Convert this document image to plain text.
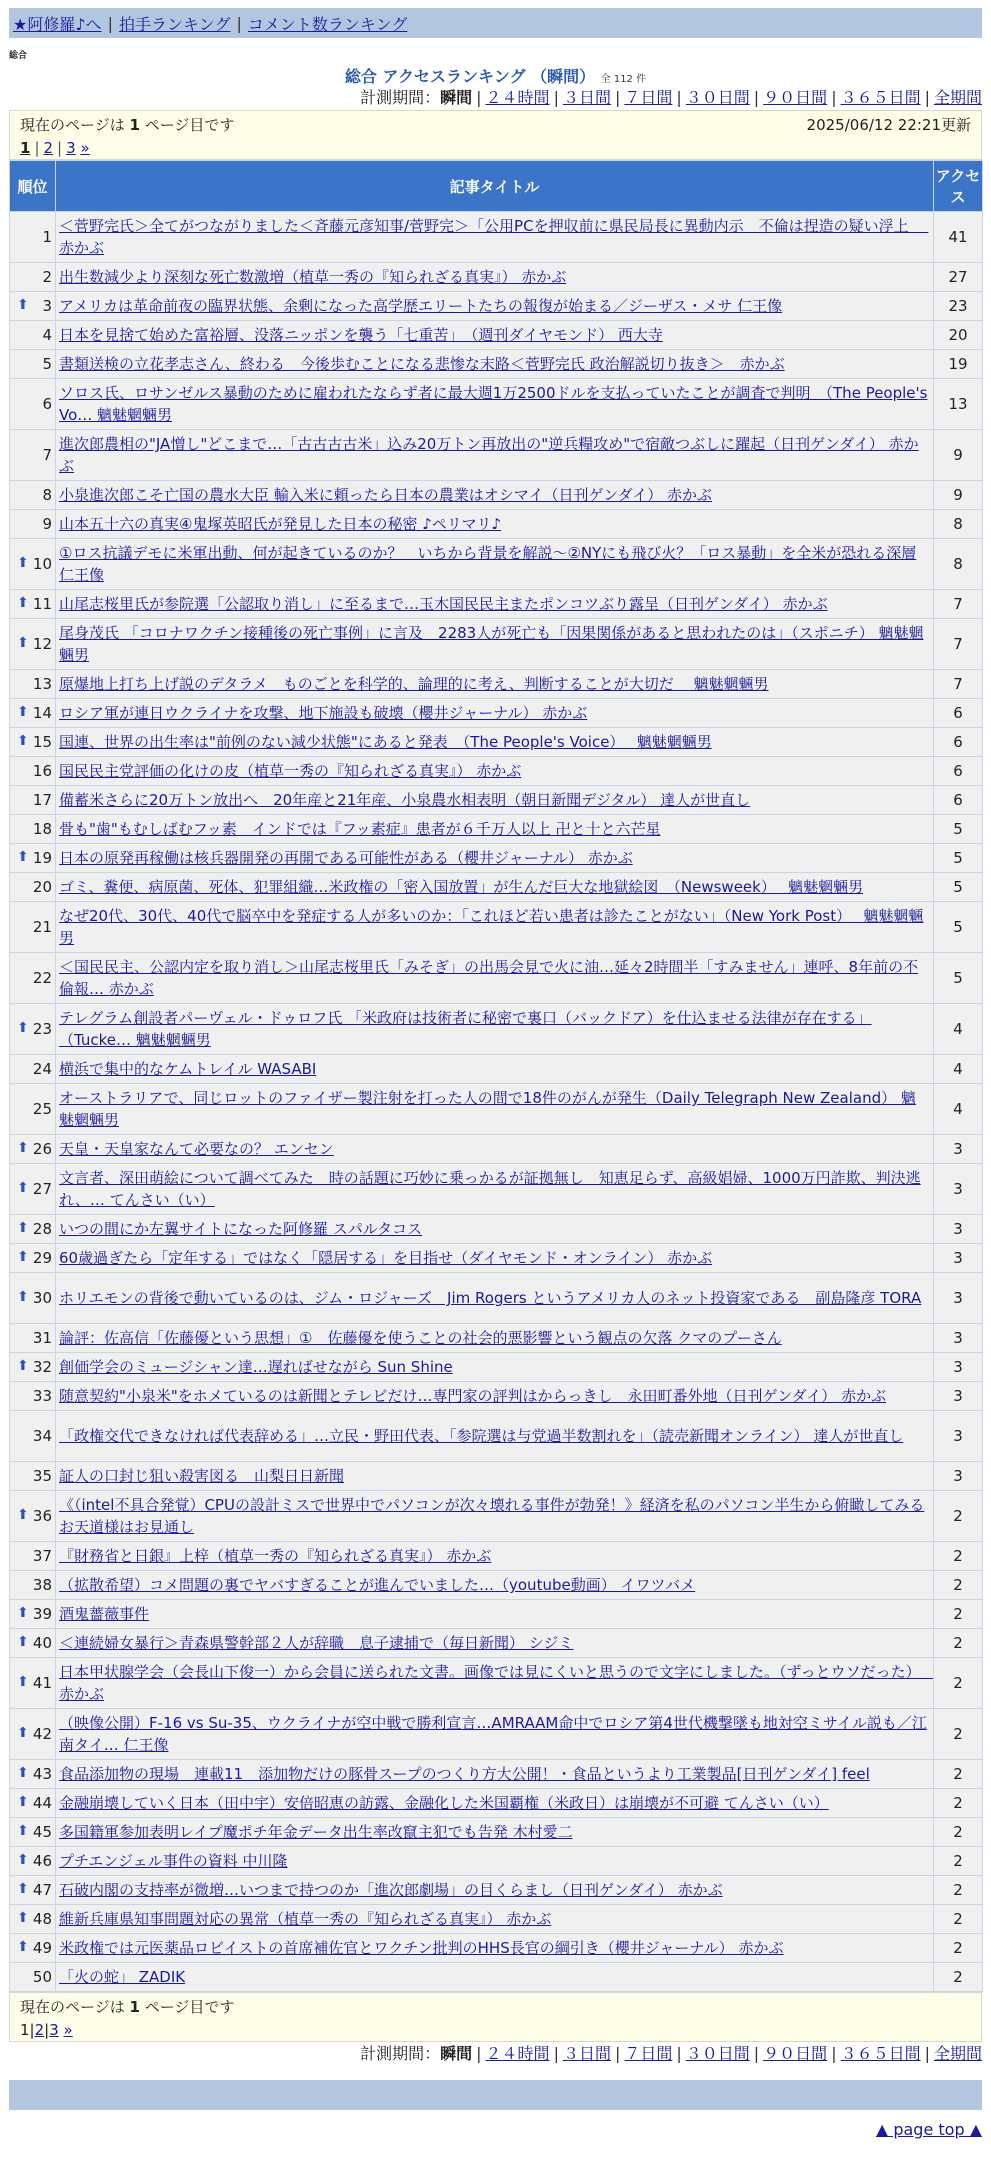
★阿修羅♪へ | 拍手ランキング | コメント数ランキング
総合
総合 アクセスランキング （瞬間） 全 112 件
計測期間：瞬間 | ２４時間 | ３日間 | ７日間 | ３０日間 | ９０日間 | ３６５日間 | 全期間
現在のページは 1 ページ目です	2025/06/12 22:21更新
1 | 2 | 3 »
順位	記事タイトル	アクセス
1	＜菅野完氏＞全てがつながりました＜斉藤元彦知事/菅野完＞「公用PCを押収前に県民局長に異動内示　不倫は捏造の疑い浮上　 赤かぶ	41
2	出生数減少より深刻な死亡数激増（植草一秀の『知られざる真実』） 赤かぶ	27

⬆ 3	アメリカは革命前夜の臨界状態、余剰になった高学歴エリートたちの報復が始まる／ジーザス・メサ 仁王像	23
4	日本を見捨て始めた富裕層、没落ニッポンを襲う「七重苦」　（週刊ダイヤモンド） 西大寺	20
5	書類送検の立花孝志さん、終わる　今後歩むことになる悲惨な末路＜菅野完氏 政治解説切り抜き＞　赤かぶ	19
6	ソロス氏、ロサンゼルス暴動のために雇われたならず者に最大週1万2500ドルを支払っていたことが調査で判明　（The People's Vo… 魑魅魍魎男	13
7	進次郎農相の"JA憎し"どこまで…「古古古古米」込み20万トン再放出の"逆兵糧攻め"で宿敵つぶしに躍起（日刊ゲンダイ） 赤かぶ	9
8	小泉進次郎こそ亡国の農水大臣 輸入米に頼ったら日本の農業はオシマイ（日刊ゲンダイ） 赤かぶ	9
9	山本五十六の真実④鬼塚英昭氏が発見した日本の秘密 ♪ペリマリ♪	8

⬆ 10	①ロス抗議デモに米軍出動、何が起きているのか？　いちから背景を解説〜②NYにも飛び火？「ロス暴動」を全米が恐れる深層 仁王像	8

⬆ 11	山尾志桜里氏が参院選「公認取り消し」に至るまで…玉木国民民主またポンコツぶり露呈（日刊ゲンダイ） 赤かぶ	7

⬆ 12	尾身茂氏 「コロナワクチン接種後の死亡事例」に言及　2283人が死亡も「因果関係があると思われたのは」（スポニチ） 魑魅魍魎男	7
13	原爆地上打ち上げ説のデタラメ　ものごとを科学的、論理的に考え、判断することが大切だ　 魑魅魍魎男	7

⬆ 14	ロシア軍が連日ウクライナを攻撃、地下施設も破壊（櫻井ジャーナル） 赤かぶ	6

⬆ 15	国連、世界の出生率は"前例のない減少状態"にあると発表　（The People's Voice）　 魑魅魍魎男	6
16	国民民主党評価の化けの皮（植草一秀の『知られざる真実』） 赤かぶ	6
17	備蓄米さらに20万トン放出へ　20年産と21年産、小泉農水相表明（朝日新聞デジタル） 達人が世直し	6
18	骨も"歯"もむしばむフッ素　インドでは『フッ素症』患者が６千万人以上 卍と十と六芒星	5

⬆ 19	日本の原発再稼働は核兵器開発の再開である可能性がある（櫻井ジャーナル） 赤かぶ	5
20	ゴミ、糞便、病原菌、死体、犯罪組織…米政権の「密入国放置」が生んだ巨大な地獄絵図　（Newsweek）　 魑魅魍魎男	5
21	なぜ20代、30代、40代で脳卒中を発症する人が多いのか：「これほど若い患者は診たことがない」（New York Post）　 魑魅魍魎男	5
22	＜国民民主、公認内定を取り消し＞山尾志桜里氏「みそぎ」の出馬会見で火に油…延々2時間半「すみません」連呼、8年前の不倫報… 赤かぶ	5

⬆ 23	テレグラム創設者パーヴェル・ドゥロフ氏 「米政府は技術者に秘密で裏口（バックドア）を仕込ませる法律が存在する」（Tucke… 魑魅魍魎男	4
24	横浜で集中的なケムトレイル WASABI	4
25	オーストラリアで、同じロットのファイザー製注射を打った人の間で18件のがんが発生（Daily Telegraph New Zealand） 魑魅魍魎男	4

⬆ 26	天皇・天皇家なんて必要なの？ エンセン	3

⬆ 27	文言者、深田萌絵について調べてみた　時の話題に巧妙に乗っかるが証拠無し　知恵足らず、高級娼婦、1000万円詐欺、判決逃れ、… てんさい（い）	3

⬆ 28	いつの間にか左翼サイトになった阿修羅 スパルタコス	3

⬆ 29	60歳過ぎたら「定年する」ではなく「隠居する」を目指せ（ダイヤモンド・オンライン） 赤かぶ	3

⬆ 30	ホリエモンの背後で動いているのは、ジム・ロジャーズ　Jim Rogers というアメリカ人のネット投資家である　副島隆彦 TORA	3
31	論評：佐高信「佐藤優という思想」①　佐藤優を使うことの社会的悪影響という観点の欠落 クマのプーさん	3

⬆ 32	創価学会のミュージシャン達…遅ればせながら Sun Shine	3
33	随意契約"小泉米"をホメているのは新聞とテレビだけ…専門家の評判はからっきし　永田町番外地（日刊ゲンダイ） 赤かぶ	3
34	「政権交代できなければ代表辞める」…立民・野田代表、「参院選は与党過半数割れを」（読売新聞オンライン） 達人が世直し	3
35	証人の口封じ狙い殺害図る　山梨日日新聞	3

⬆ 36	《（intel不具合発覚）CPUの設計ミスで世界中でパソコンが次々壊れる事件が勃発！》経済を私のパソコン半生から俯瞰してみる お天道様はお見通し	2
37	『財務省と日銀』上梓（植草一秀の『知られざる真実』） 赤かぶ	2
38	（拡散希望）コメ問題の裏でヤバすぎることが進んでいました…（youtube動画） イワツバメ	2

⬆ 39	酒鬼薔薇事件	2

⬆ 40	＜連続婦女暴行＞青森県警幹部２人が辞職　息子逮捕で（毎日新聞） シジミ	2

⬆ 41	日本甲状腺学会（会長山下俊一）から会員に送られた文書。画像では見にくいと思うので文字にしました。（ずっとウソだった）　 赤かぶ	2

⬆ 42	（映像公開）F-16 vs Su-35、ウクライナが空中戦で勝利宣言…AMRAAM命中でロシア第4世代機撃墜も地対空ミサイル説も／江南タイ… 仁王像	2

⬆ 43	食品添加物の現場　連載11　添加物だけの豚骨スープのつくり方大公開！・食品というより工業製品[日刊ゲンダイ] feel	2

⬆ 44	金融崩壊していく日本（田中宇）安倍昭恵の訪露、金融化した米国覇権（米政日）は崩壊が不可避 てんさい（い）	2

⬆ 45	多国籍軍参加表明レイプ魔ポチ年金データ出生率改竄主犯でも告発 木村愛二	2

⬆ 46	プチエンジェル事件の資料 中川隆	2

⬆ 47	石破内閣の支持率が微増…いつまで持つのか「進次郎劇場」の目くらまし（日刊ゲンダイ） 赤かぶ	2

⬆ 48	維新兵庫県知事問題対応の異常（植草一秀の『知られざる真実』） 赤かぶ	2

⬆ 49	米政権では元医薬品ロビイストの首席補佐官とワクチン批判のHHS長官の綱引き（櫻井ジャーナル） 赤かぶ	2
50	「火の蛇」 ZADIK	2
現在のページは 1 ページ目です
1|2|3 »
計測期間：瞬間 | ２４時間 | ３日間 | ７日間 | ３０日間 | ９０日間 | ３６５日間 | 全期間
▲ page top ▲
